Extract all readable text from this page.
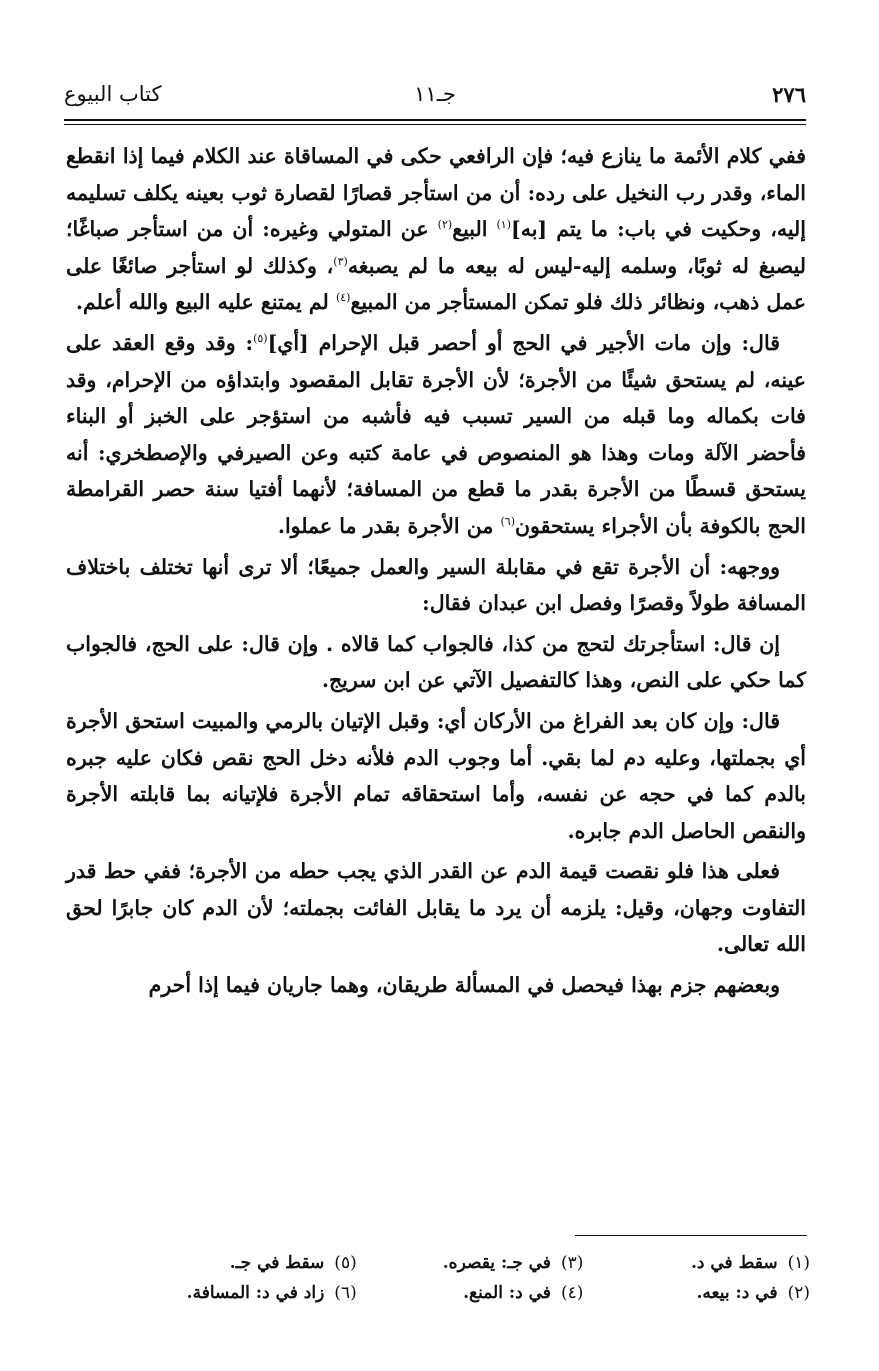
٢٧٦
جـ١١
كتاب البيوع

ففي كلام الأئمة ما ينازع فيه؛ فإن الرافعي حكى في المساقاة عند الكلام فيما إذا انقطع الماء، وقدر رب النخيل على رده: أن من استأجر قصارًا لقصارة ثوب بعينه يكلف تسليمه إليه، وحكيت في باب: ما يتم [به]$^{(١)}$ البيع$^{(٢)}$ عن المتولي وغيره: أن من استأجر صباغًا؛ ليصبغ له ثوبًا، وسلمه إليه-ليس له بيعه ما لم يصبغه$^{(٣)}$، وكذلك لو استأجر صائغًا على عمل ذهب، ونظائر ذلك فلو تمكن المستأجر من المبيع$^{(٤)}$ لم يمتنع عليه البيع والله أعلم.

قال: وإن مات الأجير في الحج أو أحصر قبل الإحرام [أي]$^{(٥)}$: وقد وقع العقد على عينه، لم يستحق شيئًا من الأجرة؛ لأن الأجرة تقابل المقصود وابتداؤه من الإحرام، وقد فات بكماله وما قبله من السير تسبب فيه فأشبه من استؤجر على الخبز أو البناء فأحضر الآلة ومات وهذا هو المنصوص في عامة كتبه وعن الصيرفي والإصطخري: أنه يستحق قسطًا من الأجرة بقدر ما قطع من المسافة؛ لأنهما أفتيا سنة حصر القرامطة الحج بالكوفة بأن الأجراء يستحقون$^{(٦)}$ من الأجرة بقدر ما عملوا.

ووجهه: أن الأجرة تقع في مقابلة السير والعمل جميعًا؛ ألا ترى أنها تختلف باختلاف المسافة طولاً وقصرًا وفصل ابن عبدان فقال:

إن قال: استأجرتك لتحج من كذا، فالجواب كما قالاه . وإن قال: على الحج، فالجواب كما حكي على النص، وهذا كالتفصيل الآتي عن ابن سريج.

قال: وإن كان بعد الفراغ من الأركان أي: وقبل الإتيان بالرمي والمبيت استحق الأجرة أي بجملتها، وعليه دم لما بقي. أما وجوب الدم فلأنه دخل الحج نقص فكان عليه جبره بالدم كما في حجه عن نفسه، وأما استحقاقه تمام الأجرة فلإتيانه بما قابلته الأجرة والنقص الحاصل الدم جابره.

فعلى هذا فلو نقصت قيمة الدم عن القدر الذي يجب حطه من الأجرة؛ ففي حط قدر التفاوت وجهان، وقيل: يلزمه أن يرد ما يقابل الفائت بجملته؛ لأن الدم كان جابرًا لحق الله تعالى.

وبعضهم جزم بهذا فيحصل في المسألة طريقان، وهما جاريان فيما إذا أحرم

(١)سقط في د.
(٣)في جـ: يقصره.
(٥)سقط في جـ.
(٢)في د: بيعه.
(٤)في د: المنع.
(٦)زاد في د: المسافة.
